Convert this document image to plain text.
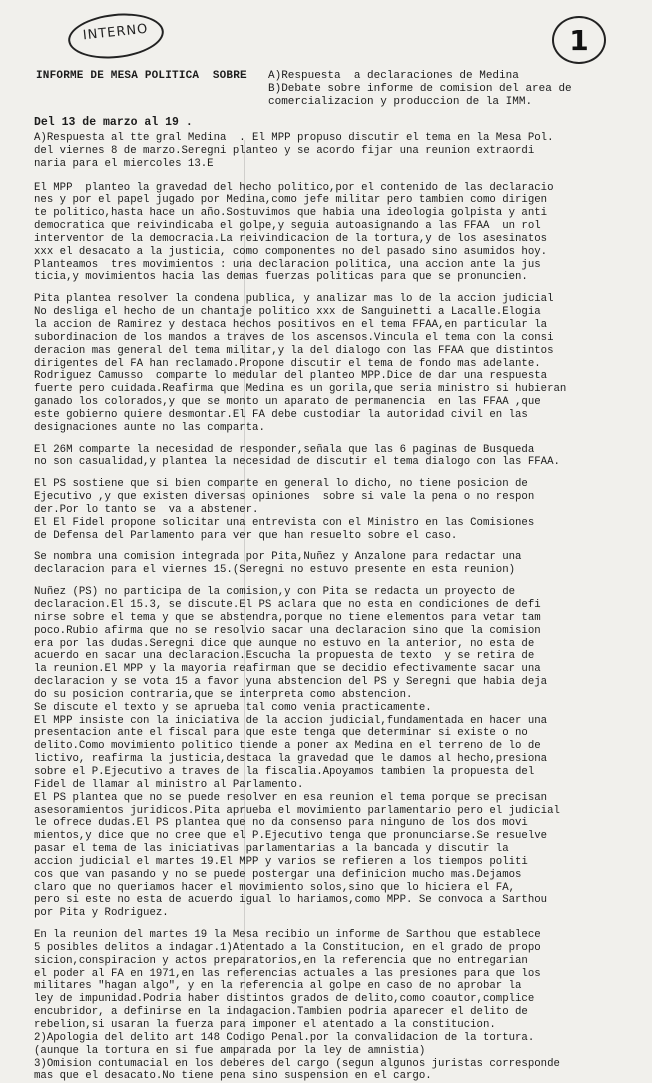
INTERNO	1
INFORME DE MESA POLITICA  SOBRE A)Respuesta  a declaraciones de Medina
B)Debate sobre informe de comision del area de
comercializacion y produccion de la IMM.
Del 13 de marzo al 19 .
A)Respuesta al tte gral Medina  . El MPP propuso discutir el tema en la Mesa Pol.
del viernes 8 de marzo.Seregni planteo y se acordo fijar una reunion extraordi
naria para el miercoles 13.E
El MPP  planteo la gravedad del hecho politico,por el contenido de las declaracio
nes y por el papel jugado por Medina,como jefe militar pero tambien como dirigen
te politico,hasta hace un año.Sostuvimos que habia una ideologia golpista y anti
democratica que reivindicaba el golpe,y seguia autoasignando a las FFAA  un rol
interventor de la democracia.La reivindicacion de la tortura,y de los asesinatos
xxx el desacato a la justicia, como componentes no del pasado sino asumidos hoy.
Planteamos  tres movimientos : una declaracion politica, una accion ante la jus
ticia,y movimientos hacia las demas fuerzas politicas para que se pronuncien.
Pita plantea resolver la condena publica, y analizar mas lo de la accion judicial
No desliga el hecho de un chantaje politico xxx de Sanguinetti a Lacalle.Elogia
la accion de Ramirez y destaca hechos positivos en el tema FFAA,en particular la
subordinacion de los mandos a traves de los ascensos.Vincula el tema con la consi
deracion mas general del tema militar,y la del dialogo con las FFAA que distintos
dirigentes del FA han reclamado.Propone discutir el tema de fondo mas adelante.
Rodriguez Camusso  comparte lo medular del planteo MPP.Dice de dar una respuesta
fuerte pero cuidada.Reafirma que Medina es un gorila,que seria ministro si hubieran
ganado los colorados,y que se monto un aparato de permanencia  en las FFAA ,que
este gobierno quiere desmontar.El FA debe custodiar la autoridad civil en las
designaciones aunte no las comparta.
El 26M comparte la necesidad de responder,señala que las 6 paginas de Busqueda
no son casualidad,y plantea la necesidad de discutir el tema dialogo con las FFAA.
El PS sostiene que si bien comparte en general lo dicho, no tiene posicion de
Ejecutivo ,y que existen diversas opiniones  sobre si vale la pena o no respon
der.Por lo tanto se  va a abstener.
El El Fidel propone solicitar una entrevista con el Ministro en las Comisiones
de Defensa del Parlamento para ver que han resuelto sobre el caso.
Se nombra una comision integrada por Pita,Nuñez y Anzalone para redactar una
declaracion para el viernes 15.(Seregni no estuvo presente en esta reunion)
Nuñez (PS) no participa de la comision,y con Pita se redacta un proyecto de
declaracion.El 15.3, se discute.El PS aclara que no esta en condiciones de defi
nirse sobre el tema y que se abstendra,porque no tiene elementos para vetar tam
poco.Rubio afirma que no se resolvio sacar una declaracion sino que la comision
era por las dudas.Seregni dice que aunque no estuvo en la anterior, no esta de
acuerdo en sacar una declaracion.Escucha la propuesta de texto  y se retira de
la reunion.El MPP y la mayoria reafirman que se decidio efectivamente sacar una
declaracion y se vota 15 a favor yuna abstencion del PS y Seregni que habia deja
do su posicion contraria,que se interpreta como abstencion.
Se discute el texto y se aprueba tal como venia practicamente.
El MPP insiste con la iniciativa de la accion judicial,fundamentada en hacer una
presentacion ante el fiscal para que este tenga que determinar si existe o no
delito.Como movimiento politico tiende a poner ax Medina en el terreno de lo de
lictivo, reafirma la justicia,destaca la gravedad que le damos al hecho,presiona
sobre el P.Ejecutivo a traves de la fiscalia.Apoyamos tambien la propuesta del
Fidel de llamar al ministro al Parlamento.
El PS plantea que no se puede resolver en esa reunion el tema porque se precisan
asesoramientos juridicos.Pita aprueba el movimiento parlamentario pero el judicial
le ofrece dudas.El PS plantea que no da consenso para ninguno de los dos movi
mientos,y dice que no cree que el P.Ejecutivo tenga que pronunciarse.Se resuelve
pasar el tema de las iniciativas parlamentarias a la bancada y discutir la
accion judicial el martes 19.El MPP y varios se refieren a los tiempos politi
cos que van pasando y no se puede postergar una definicion mucho mas.Dejamos
claro que no queriamos hacer el movimiento solos,sino que lo hiciera el FA,
pero si este no esta de acuerdo igual lo hariamos,como MPP. Se convoca a Sarthou
por Pita y Rodriguez.
En la reunion del martes 19 la Mesa recibio un informe de Sarthou que establece
5 posibles delitos a indagar.1)Atentado a la Constitucion, en el grado de propo
sicion,conspiracion y actos preparatorios,en la referencia que no entregarian
el poder al FA en 1971,en las referencias actuales a las presiones para que los
militares "hagan algo", y en la referencia al golpe en caso de no aprobar la
ley de impunidad.Podria haber distintos grados de delito,como coautor,complice
encubridor, a definirse en la indagacion.Tambien podria aparecer el delito de
rebelion,si usaran la fuerza para imponer el atentado a la constitucion.
2)Apologia del delito art 148 Codigo Penal.por la convalidacion de la tortura.
(aunque la tortura en si fue amparada por la ley de amnistia)
3)Omision contumacial en los deberes del cargo (segun algunos juristas corresponde
mas que el desacato.No tiene pena sino suspension en el cargo.
